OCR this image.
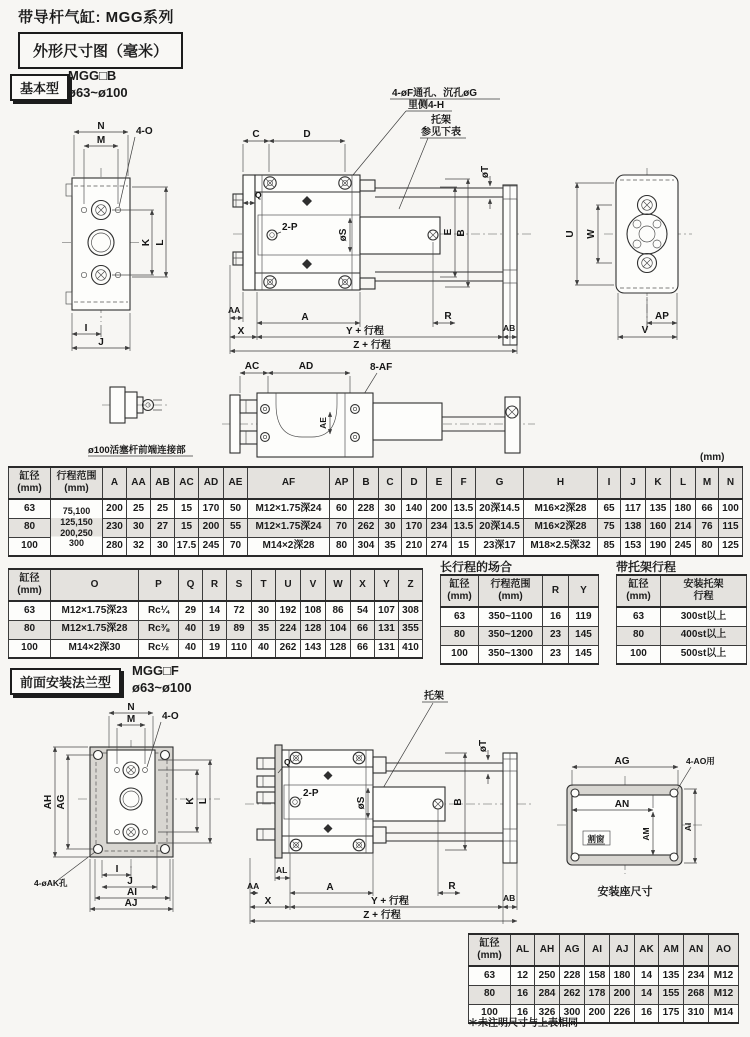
带导杆气缸: MGG系列
外形尺寸图（毫米）
基本型
MGG□B
ø63~ø100
N
M
4-O
K L
I
J
4-øF通孔、沉孔øG
里侧4-H
托架
参见下表
C	D
2-P
Q
øS
øT
E B
AA
A	R
X	Y + 行程	AB
Z + 行程
U W
AP
V
AC	AD	8-AF
AE
ø100活塞杆前端连接部
(mm)
缸径
(mm)	行程范围
(mm)	A	AA	AB	AC	AD	AE	AF	AP	B	C	D	E	F	G	H	I	J	K	L	M	N
63	75,100
125,150
200,250
300	200	25	25	15	170	50	M12×1.75深24	60	228	30	140	200	13.5	20深14.5	M16×2深28	65	117	135	180	66	100
80		230	30	27	15	200	55	M12×1.75深24	70	262	30	170	234	13.5	20深14.5	M16×2深28	75	138	160	214	76	115
100		280	32	30	17.5	245	70	M14×2深28	80	304	35	210	274	15	23深17	M18×2.5深32	85	153	190	245	80	125
缸径
(mm)	O	P	Q	R	S	T	U	V	W	X	Y	Z
63	M12×1.75深23	Rc¼	29	14	72	30	192	108	86	54	107	308
80	M12×1.75深28	Rc⅜	40	19	89	35	224	128	104	66	131	355
100	M14×2深30	Rc½	40	19	110	40	262	143	128	66	131	410
长行程的场合
缸径
(mm)	行程范围
(mm)	R	Y
63	350~1100	16	119
80	350~1200	23	145
100	350~1300	23	145
带托架行程
缸径
(mm)	安装托架
行程
63	300st以上
80	400st以上
100	500st以上
前面安装法兰型
MGG□F
ø63~ø100
N
M	4-O
AH AG	K L
4-øAK孔
I
J
AI
AJ
托架
2-P
Q
øS
øT
B
AL
AA	A	R
X	Y + 行程	AB
Z + 行程
AG	4-AO用
AN
AM
AI
割窗
安装座尺寸
缸径
(mm)	AL	AH	AG	AI	AJ	AK	AM	AN	AO
63	12	250	228	158	180	14	135	234	M12
80	16	284	262	178	200	14	155	268	M12
100	16	326	300	200	226	16	175	310	M14
＊未注明尺寸与上表相同
